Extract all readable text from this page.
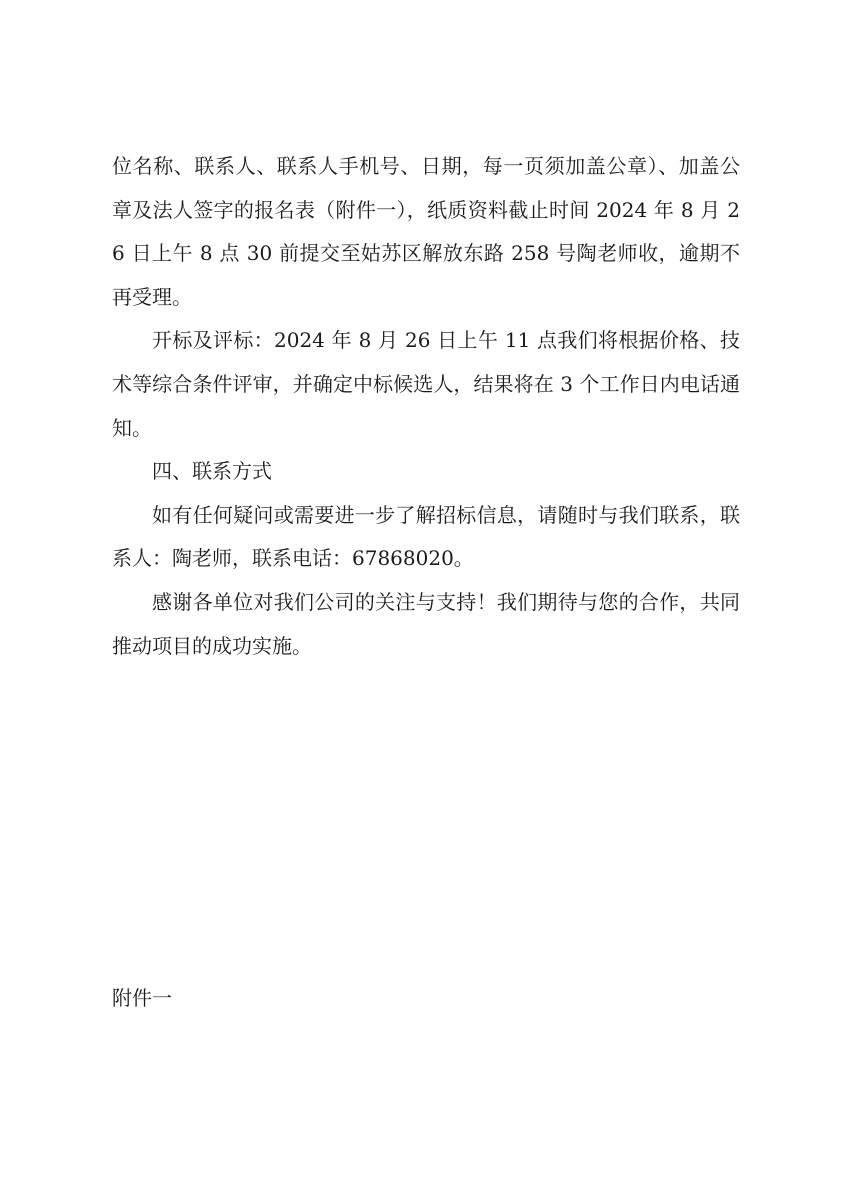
位名称、联系人、联系人手机号、日期，每一页须加盖公章）、加盖公章及法人签字的报名表（附件一），纸质资料截止时间 2024 年 8 月 26 日上午 8 点 30 前提交至姑苏区解放东路 258 号陶老师收，逾期不再受理。

开标及评标：2024 年 8 月 26 日上午 11 点我们将根据价格、技术等综合条件评审，并确定中标候选人，结果将在 3 个工作日内电话通知。

四、联系方式

如有任何疑问或需要进一步了解招标信息，请随时与我们联系，联系人：陶老师，联系电话：67868020。

感谢各单位对我们公司的关注与支持！我们期待与您的合作，共同推动项目的成功实施。

附件一
